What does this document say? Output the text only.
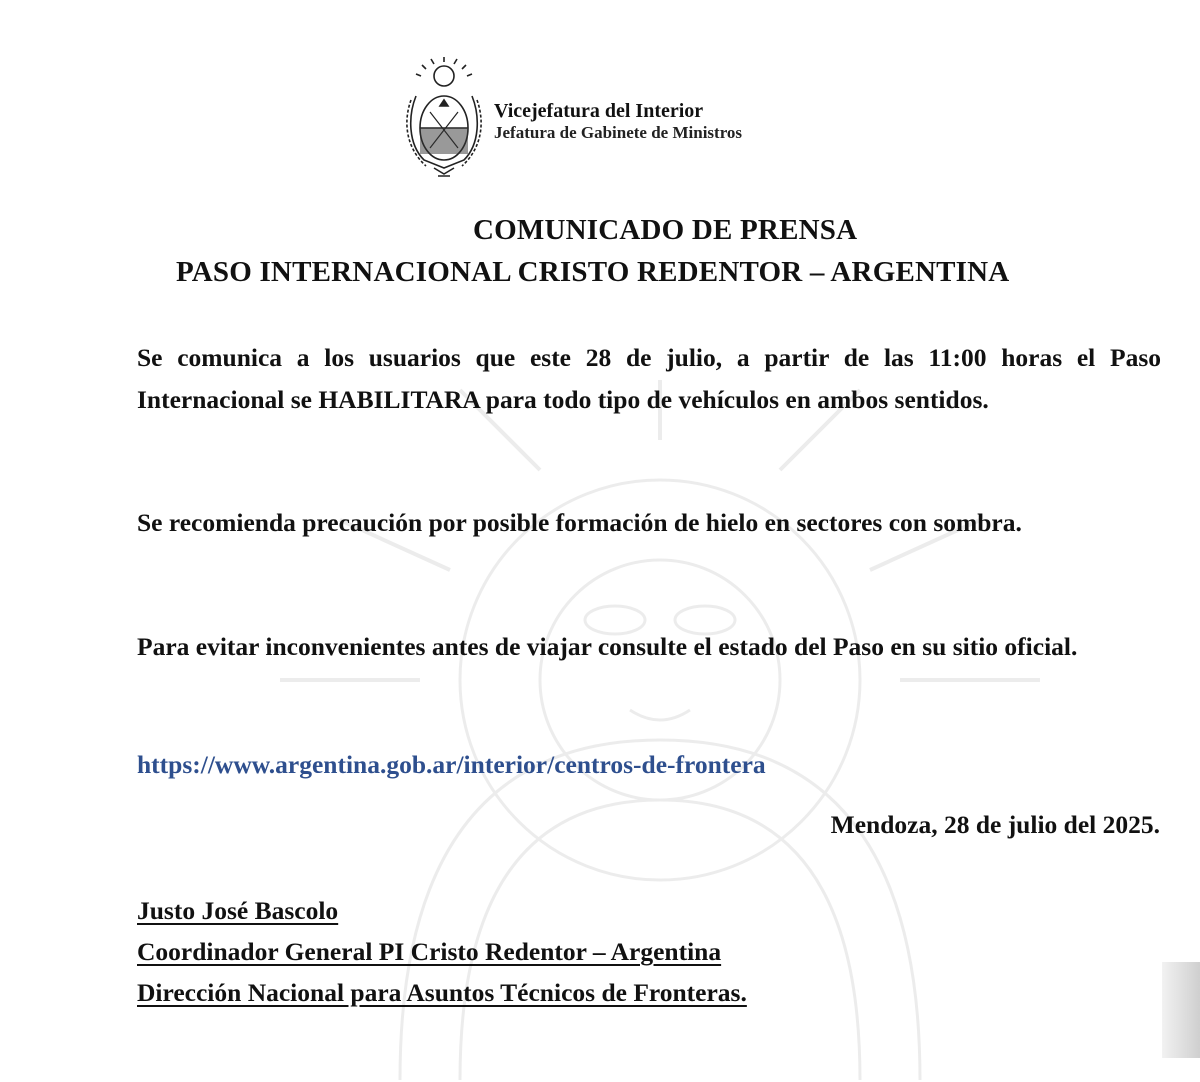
Vicejefatura del Interior
Jefatura de Gabinete de Ministros
COMUNICADO DE PRENSA
PASO INTERNACIONAL CRISTO REDENTOR – ARGENTINA
Se comunica a los usuarios que este 28 de julio, a partir de las 11:00 horas el Paso Internacional se HABILITARA para todo tipo de vehículos en ambos sentidos.
Se recomienda precaución por posible formación de hielo en sectores con sombra.
Para evitar inconvenientes antes de viajar consulte el estado del Paso en su sitio oficial.
https://www.argentina.gob.ar/interior/centros-de-frontera
Mendoza, 28 de julio del 2025.
Justo José Bascolo
Coordinador General PI Cristo Redentor – Argentina
Dirección Nacional para Asuntos Técnicos de Fronteras.
